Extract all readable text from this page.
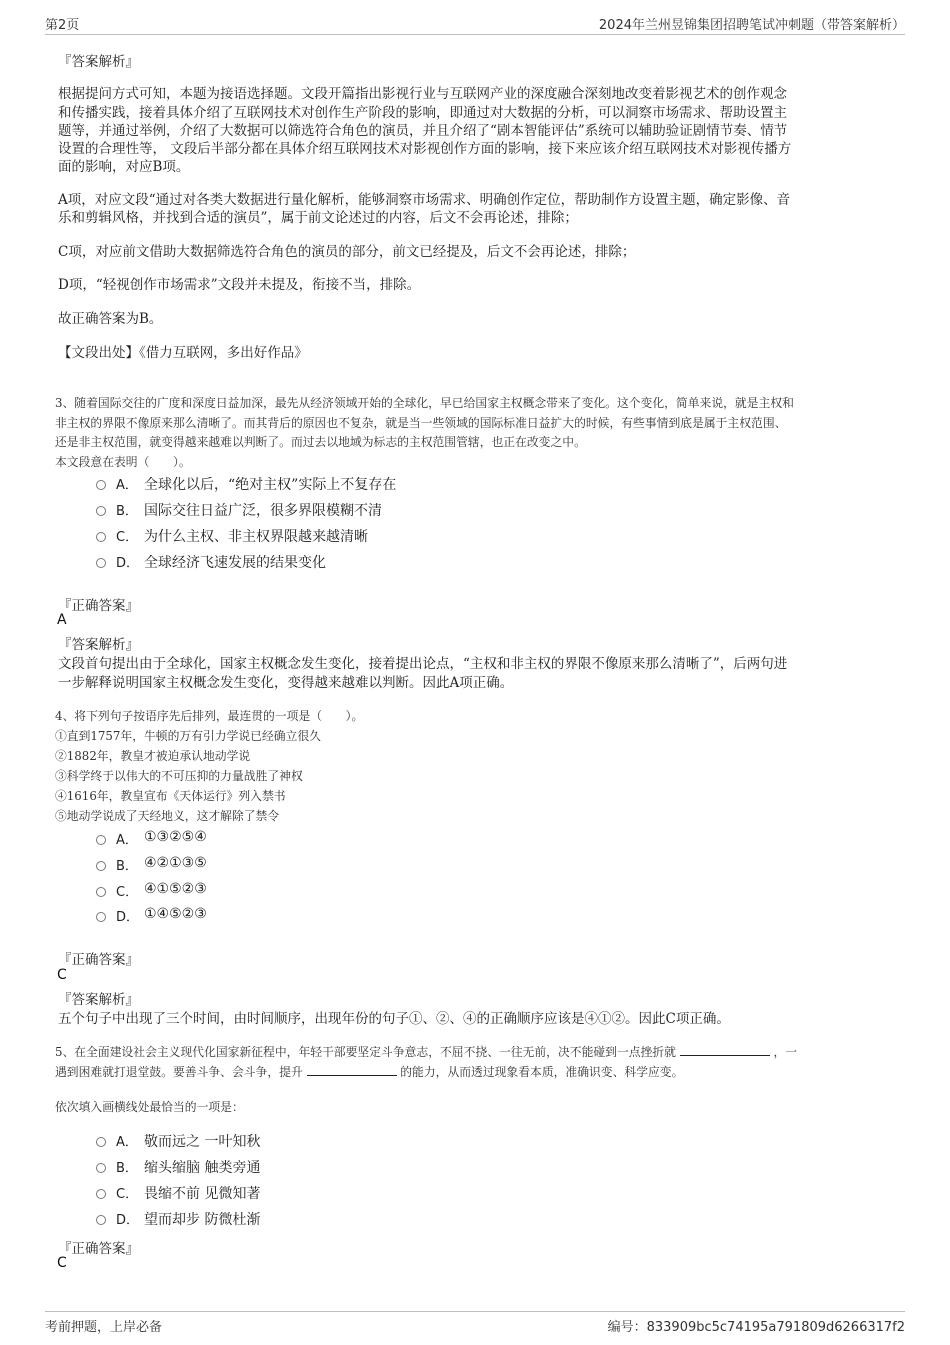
第2页	2024年兰州昱锦集团招聘笔试冲刺题（带答案解析）
『答案解析』
根据提问方式可知，本题为接语选择题。文段开篇指出影视行业与互联网产业的深度融合深刻地改变着影视艺术的创作观念
和传播实践，接着具体介绍了互联网技术对创作生产阶段的影响，即通过对大数据的分析，可以洞察市场需求、帮助设置主
题等，并通过举例，介绍了大数据可以筛选符合角色的演员，并且介绍了“剧本智能评估”系统可以辅助验证剧情节奏、情节
设置的合理性等， 文段后半部分都在具体介绍互联网技术对影视创作方面的影响，接下来应该介绍互联网技术对影视传播方
面的影响，对应B项。
A项，对应文段“通过对各类大数据进行量化解析，能够洞察市场需求、明确创作定位，帮助制作方设置主题，确定影像、音
乐和剪辑风格，并找到合适的演员”，属于前文论述过的内容，后文不会再论述，排除；
C项，对应前文借助大数据筛选符合角色的演员的部分，前文已经提及，后文不会再论述，排除；
D项，“轻视创作市场需求”文段并未提及，衔接不当，排除。
故正确答案为B。
【文段出处】《借力互联网，多出好作品》
3、随着国际交往的广度和深度日益加深，最先从经济领域开始的全球化，早已给国家主权概念带来了变化。这个变化，简单来说，就是主权和
非主权的界限不像原来那么清晰了。而其背后的原因也不复杂，就是当一些领域的国际标准日益扩大的时候，有些事情到底是属于主权范围、
还是非主权范围，就变得越来越难以判断了。而过去以地域为标志的主权范围管辖，也正在改变之中。
本文段意在表明（　　）。
A． 全球化以后，“绝对主权”实际上不复存在
B． 国际交往日益广泛，很多界限模糊不清
C． 为什么主权、非主权界限越来越清晰
D． 全球经济飞速发展的结果变化
『正确答案』
A
『答案解析』
文段首句提出由于全球化，国家主权概念发生变化，接着提出论点，“主权和非主权的界限不像原来那么清晰了”，后两句进
一步解释说明国家主权概念发生变化，变得越来越难以判断。因此A项正确。
4、将下列句子按语序先后排列，最连贯的一项是（　　）。
①直到1757年，牛顿的万有引力学说已经确立很久
②1882年，教皇才被迫承认地动学说
③科学终于以伟大的不可压抑的力量战胜了神权
④1616年，教皇宣布《天体运行》列入禁书
⑤地动学说成了天经地义，这才解除了禁令
A． ①③②⑤④
B． ④②①③⑤
C． ④①⑤②③
D． ①④⑤②③
『正确答案』
C
『答案解析』
五个句子中出现了三个时间，由时间顺序，出现年份的句子①、②、④的正确顺序应该是④①②。因此C项正确。
5、在全面建设社会主义现代化国家新征程中，年轻干部要坚定斗争意志，不屈不挠、一往无前，决不能碰到一点挫折就	，一
遇到困难就打退堂鼓。要善斗争、会斗争，提升	的能力，从而透过现象看本质，准确识变、科学应变。
依次填入画横线处最恰当的一项是：
A． 敬而远之 一叶知秋
B． 缩头缩脑 触类旁通
C． 畏缩不前 见微知著
D． 望而却步 防微杜渐
『正确答案』
C
考前押题，上岸必备	编号：833909bc5c74195a791809d6266317f2
